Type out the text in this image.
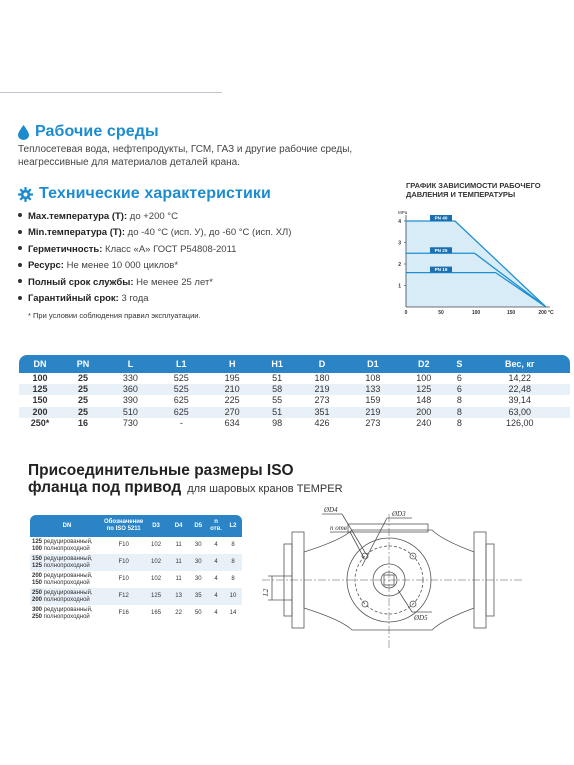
Рабочие среды
Теплосетевая вода, нефтепродукты, ГСМ, ГАЗ и другие рабочие среды,
неагрессивные для материалов деталей крана.
Технические характеристики
Max.температура (Т): до +200 °С
Min.температура (Т): до -40 °С (исп. У), до -60 °С (исп. ХЛ)
Герметичность: Класс «А» ГОСТ Р54808-2011
Ресурс: Не менее 10 000 циклов*
Полный срок службы: Не менее 25 лет*
Гарантийный срок: 3 года
* При условии соблюдения правил эксплуатации.
ГРАФИК ЗАВИСИМОСТИ РАБОЧЕГО
ДАВЛЕНИЯ И ТЕМПЕРАТУРЫ
MPa
1
2
3
4
0	50	100	150	200 °C
PN 40
PN 25
PN 16
DN	PN	L	L1	H	H1	D	D1	D2	S	Вес, кг
100	25	330	525	195	51	180	108	100	6	14,22
125	25	360	525	210	58	219	133	125	6	22,48
150	25	390	625	225	55	273	159	148	8	39,14
200	25	510	625	270	51	351	219	200	8	63,00
250*	16	730	-	634	98	426	273	240	8	126,00
Присоединительные размеры ISO
фланца под привод для шаровых кранов TEMPER
DN	Обозначение по ISO 5211	D3	D4	D5	n отв.	L2
125 редуцированный,
100 полнопроходной	F10	102	11	30	4	8
150 редуцированный,
125 полнопроходной	F10	102	11	30	4	8
200 редуцированный,
150 полнопроходной	F10	102	11	30	4	8
250 редуцированный,
200 полнопроходной	F12	125	13	35	4	10
300 редуцированный,
250 полнопроходной	F16	165	22	50	4	14
ØD4
n отв
ØD3
L2
ØD5
